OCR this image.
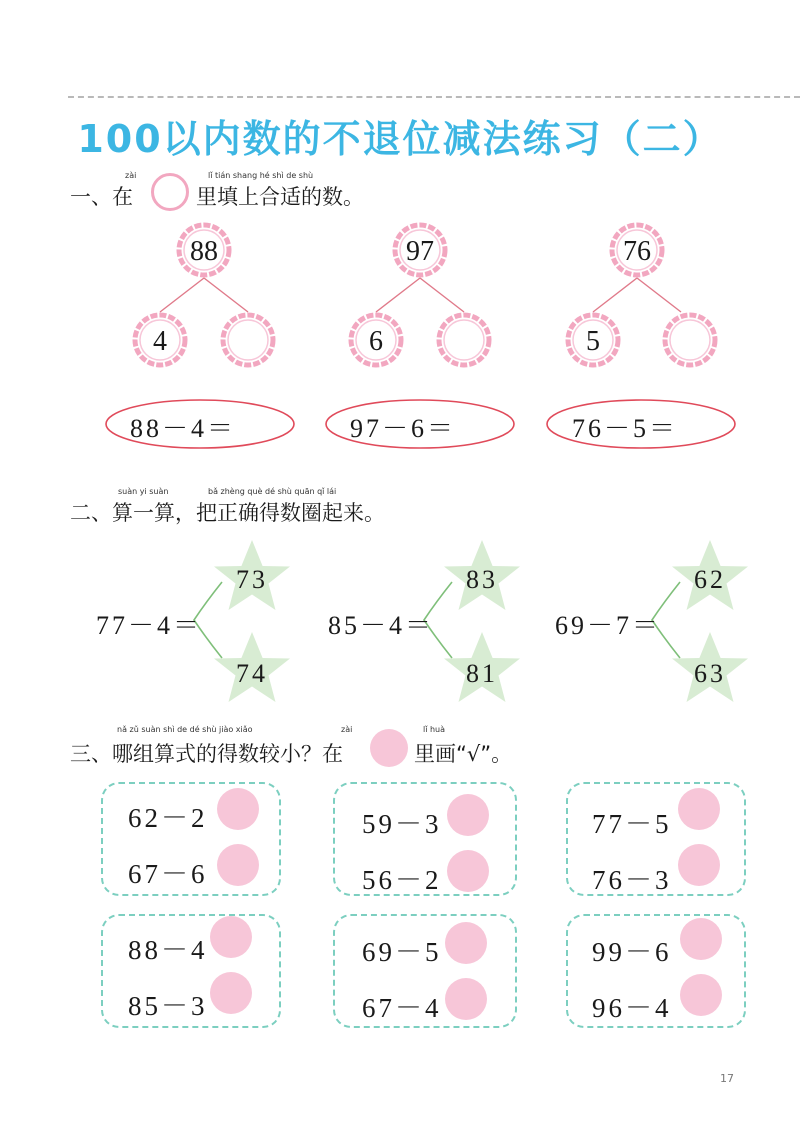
100以内数的不退位减法练习（二）
zài	lǐ tián shang hé shì de shù
一、在	里填上合适的数。
88
4
97
6
76
5
88－4＝	97－6＝	76－5＝
suàn yi suàn	bǎ zhèng què dé shù quān qǐ lái
二、算一算，把正确得数圈起来。
73
74
83
81
62
63
77－4＝	85－4＝	69－7＝
nǎ zǔ suàn shì de dé shù jiào xiǎo	zài	lǐ huà
三、哪组算式的得数较小？在	里画“√”。
62－2
67－6
59－3
56－2
77－5
76－3
88－4
85－3
69－5
67－4
99－6
96－4
17
